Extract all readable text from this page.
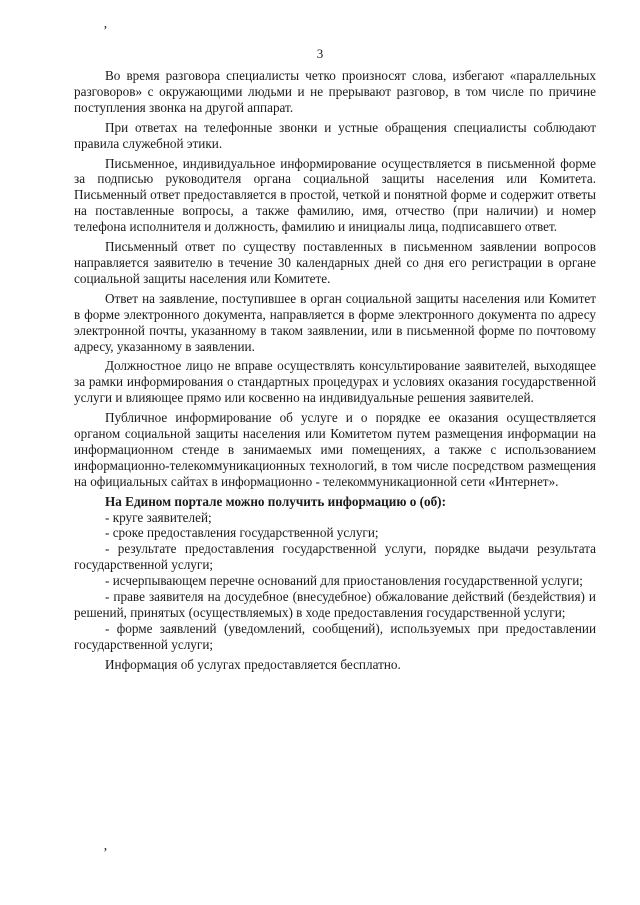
’
3

Во время разговора специалисты четко произносят слова, избегают «параллельных разговоров» с окружающими людьми и не прерывают разговор, в том числе по причине поступления звонка на другой аппарат.

При ответах на телефонные звонки и устные обращения специалисты соблюдают правила служебной этики.

Письменное, индивидуальное информирование осуществляется в письменной форме за подписью руководителя органа социальной защиты населения или Комитета. Письменный ответ предоставляется в простой, четкой и понятной форме и содержит ответы на поставленные вопросы, а также фамилию, имя, отчество (при наличии) и номер телефона исполнителя и должность, фамилию и инициалы лица, подписавшего ответ.

Письменный ответ по существу поставленных в письменном заявлении вопросов направляется заявителю в течение 30 календарных дней со дня его регистрации в органе социальной защиты населения или Комитете.

Ответ на заявление, поступившее в орган социальной защиты населения или Комитет в форме электронного документа, направляется в форме электронного документа по адресу электронной почты, указанному в таком заявлении, или в письменной форме по почтовому адресу, указанному в заявлении.

Должностное лицо не вправе осуществлять консультирование заявителей, выходящее за рамки информирования о стандартных процедурах и условиях оказания государственной услуги и влияющее прямо или косвенно на индивидуальные решения заявителей.

Публичное информирование об услуге и о порядке ее оказания осуществляется органом социальной защиты населения или Комитетом путем размещения информации на информационном стенде в занимаемых ими помещениях, а также с использованием информационно-телекоммуникационных технологий, в том числе посредством размещения на официальных сайтах в информационно - телекоммуникационной сети «Интернет».

На Едином портале можно получить информацию о (об):

- круге заявителей;

- сроке предоставления государственной услуги;

- результате предоставления государственной услуги, порядке выдачи результата государственной услуги;

- исчерпывающем перечне оснований для приостановления государственной услуги;

- праве заявителя на досудебное (внесудебное) обжалование действий (бездействия) и решений, принятых (осуществляемых) в ходе предоставления государственной услуги;

- форме заявлений (уведомлений, сообщений), используемых при предоставлении государственной услуги;

Информация об услугах предоставляется бесплатно.

’
